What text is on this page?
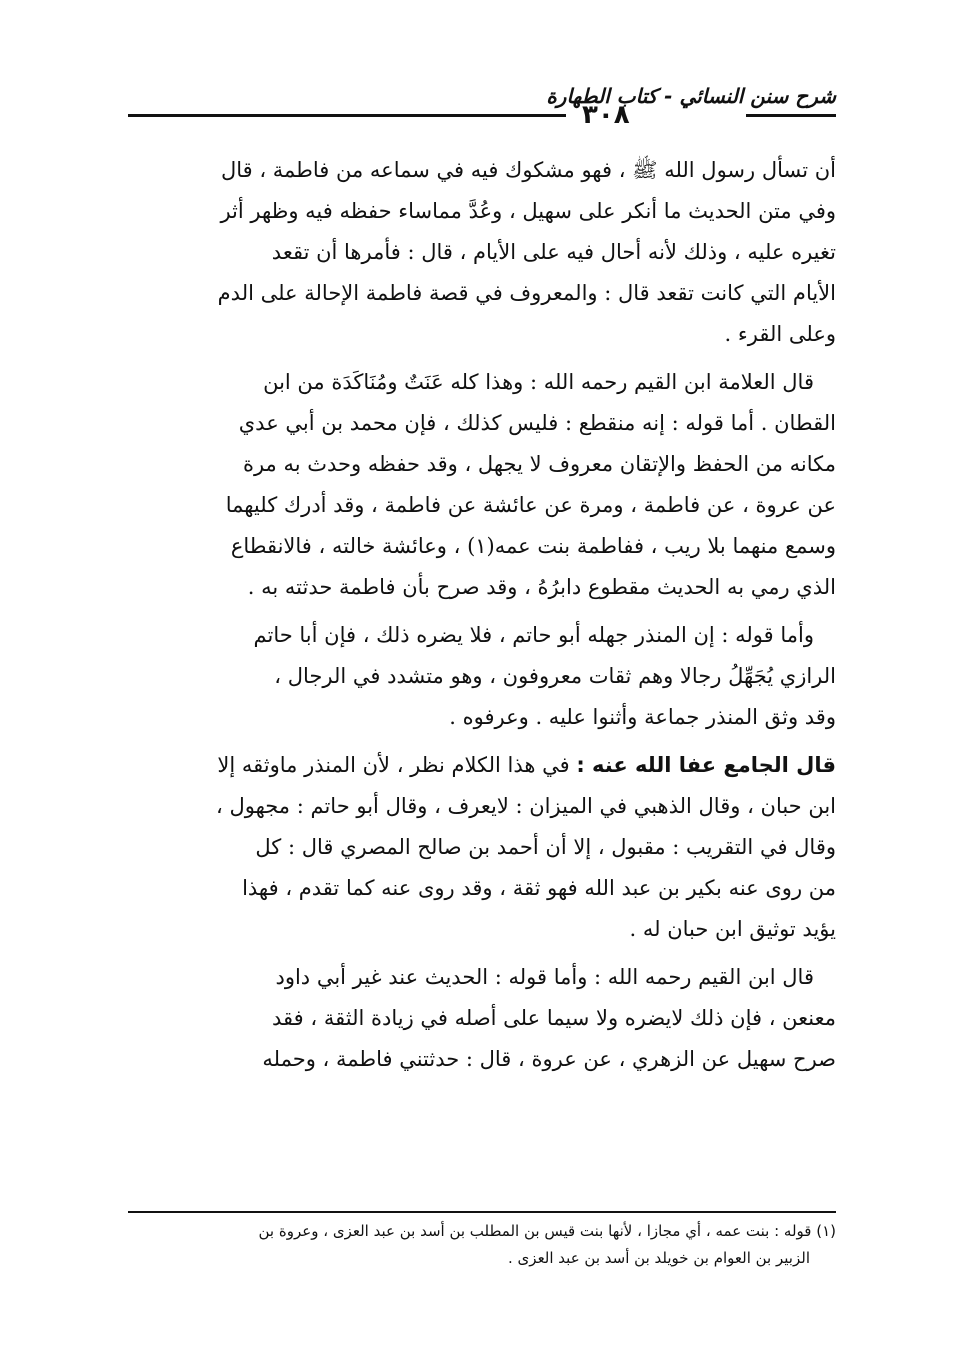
شرح سنن النسائي - كتاب الطهارة
٣٠٨
أن تسأل رسول الله ﷺ ، فهو مشكوك فيه في سماعه من فاطمة ، قال
وفي متن الحديث ما أنكر على سهيل ، وعُدَّ مماساء حفظه فيه وظهر أثر
تغيره عليه ، وذلك لأنه أحال فيه على الأيام ، قال : فأمرها أن تقعد
الأيام التي كانت تقعد قال : والمعروف في قصة فاطمة الإحالة على الدم
وعلى القرء .
قال العلامة ابن القيم رحمه الله : وهذا كله عَنَتٌ ومُنَاكَدَة من ابن
القطان . أما قوله : إنه منقطع : فليس كذلك ، فإن محمد بن أبي عدي
مكانه من الحفظ والإتقان معروف لا يجهل ، وقد حفظه وحدث به مرة
عن عروة ، عن فاطمة ، ومرة عن عائشة عن فاطمة ، وقد أدرك كليهما
وسمع منهما بلا ريب ، ففاطمة بنت عمه(١) ، وعائشة خالته ، فالانقطاع
الذي رمي به الحديث مقطوع دابرُهُ ، وقد صرح بأن فاطمة حدثته به .
وأما قوله : إن المنذر جهله أبو حاتم ، فلا يضره ذلك ، فإن أبا حاتم
الرازي يُجَهِّلُ رجالا وهم ثقات معروفون ، وهو متشدد في الرجال ،
وقد وثق المنذر جماعة وأثنوا عليه . وعرفوه .
قال الجامع عفا الله عنه : في هذا الكلام نظر ، لأن المنذر ماوثقه إلا
ابن حبان ، وقال الذهبي في الميزان : لايعرف ، وقال أبو حاتم : مجهول ،
وقال في التقريب : مقبول ، إلا أن أحمد بن صالح المصري قال : كل
من روى عنه بكير بن عبد الله فهو ثقة ، وقد روى عنه كما تقدم ، فهذا
يؤيد توثيق ابن حبان له .
قال ابن القيم رحمه الله : وأما قوله : الحديث عند غير أبي داود
معنعن ، فإن ذلك لايضره ولا سيما على أصله في زيادة الثقة ، فقد
صرح سهيل عن الزهري ، عن عروة ، قال : حدثتني فاطمة ، وحمله
(١) قوله : بنت عمه ، أي مجازا ، لأنها بنت قيس بن المطلب بن أسد بن عبد العزى ، وعروة بن
الزبير بن العوام بن خويلد بن أسد بن عبد العزى .
